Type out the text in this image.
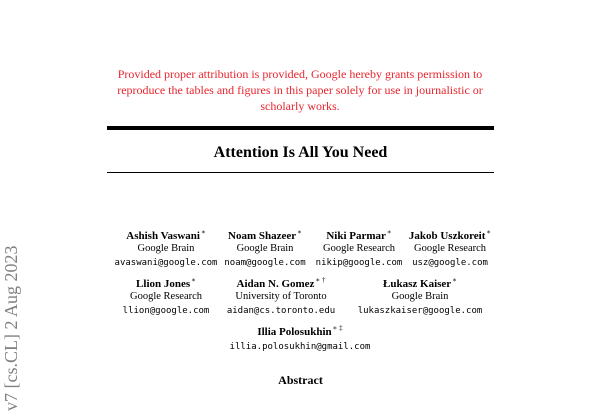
Provided proper attribution is provided, Google hereby grants permission to reproduce the tables and figures in this paper solely for use in journalistic or scholarly works.
Attention Is All You Need
v7 [cs.CL] 2 Aug 2023
Ashish Vaswani∗
Google Brain
avaswani@google.com
Noam Shazeer∗
Google Brain
noam@google.com
Niki Parmar∗
Google Research
nikip@google.com
Jakob Uszkoreit∗
Google Research
usz@google.com
Llion Jones∗
Google Research
llion@google.com
Aidan N. Gomez∗ †
University of Toronto
aidan@cs.toronto.edu
Łukasz Kaiser∗
Google Brain
lukaszkaiser@google.com
Illia Polosukhin∗ ‡
illia.polosukhin@gmail.com
Abstract
